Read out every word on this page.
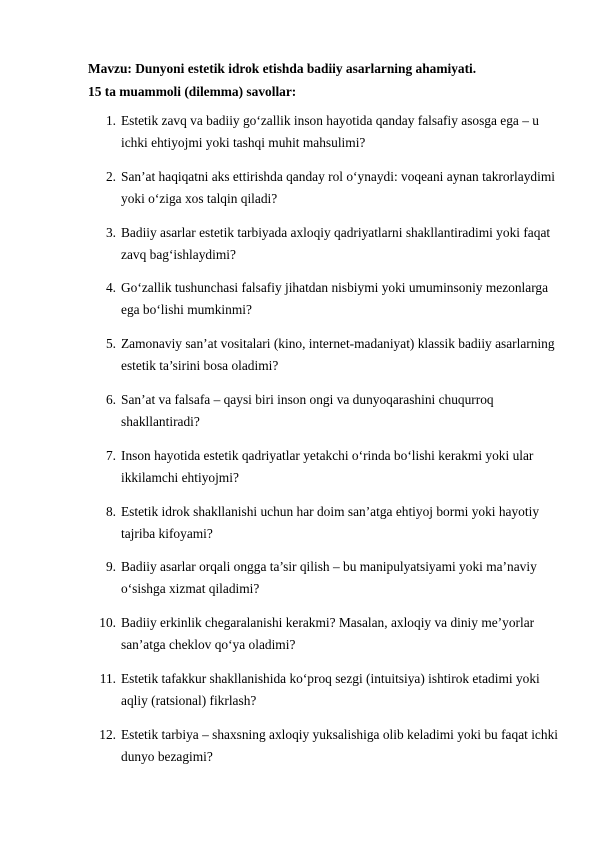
Mavzu: Dunyoni estetik idrok etishda badiiy asarlarning ahamiyati.
15 ta muammoli (dilemma) savollar:
1. Estetik zavq va badiiy go‘zallik inson hayotida qanday falsafiy asosga ega – u ichki ehtiyojmi yoki tashqi muhit mahsulimi?
2. San’at haqiqatni aks ettirishda qanday rol o‘ynaydi: voqeani aynan takrorlaydimi yoki o‘ziga xos talqin qiladi?
3. Badiiy asarlar estetik tarbiyada axloqiy qadriyatlarni shakllantiradimi yoki faqat zavq bag‘ishlaydimi?
4. Go‘zallik tushunchasi falsafiy jihatdan nisbiymi yoki umuminsoniy mezonlarga ega bo‘lishi mumkinmi?
5. Zamonaviy san’at vositalari (kino, internet-madaniyat) klassik badiiy asarlarning estetik ta’sirini bosa oladimi?
6. San’at va falsafa – qaysi biri inson ongi va dunyoqarashini chuqurroq shakllantiradi?
7. Inson hayotida estetik qadriyatlar yetakchi o‘rinda bo‘lishi kerakmi yoki ular ikkilamchi ehtiyojmi?
8. Estetik idrok shakllanishi uchun har doim san’atga ehtiyoj bormi yoki hayotiy tajriba kifoyami?
9. Badiiy asarlar orqali ongga ta’sir qilish – bu manipulyatsiyami yoki ma’naviy o‘sishga xizmat qiladimi?
10. Badiiy erkinlik chegaralanishi kerakmi? Masalan, axloqiy va diniy me’yorlar san’atga cheklov qo‘ya oladimi?
11. Estetik tafakkur shakllanishida ko‘proq sezgi (intuitsiya) ishtirok etadimi yoki aqliy (ratsional) fikrlash?
12. Estetik tarbiya – shaxsning axloqiy yuksalishiga olib keladimi yoki bu faqat ichki dunyo bezagimi?
